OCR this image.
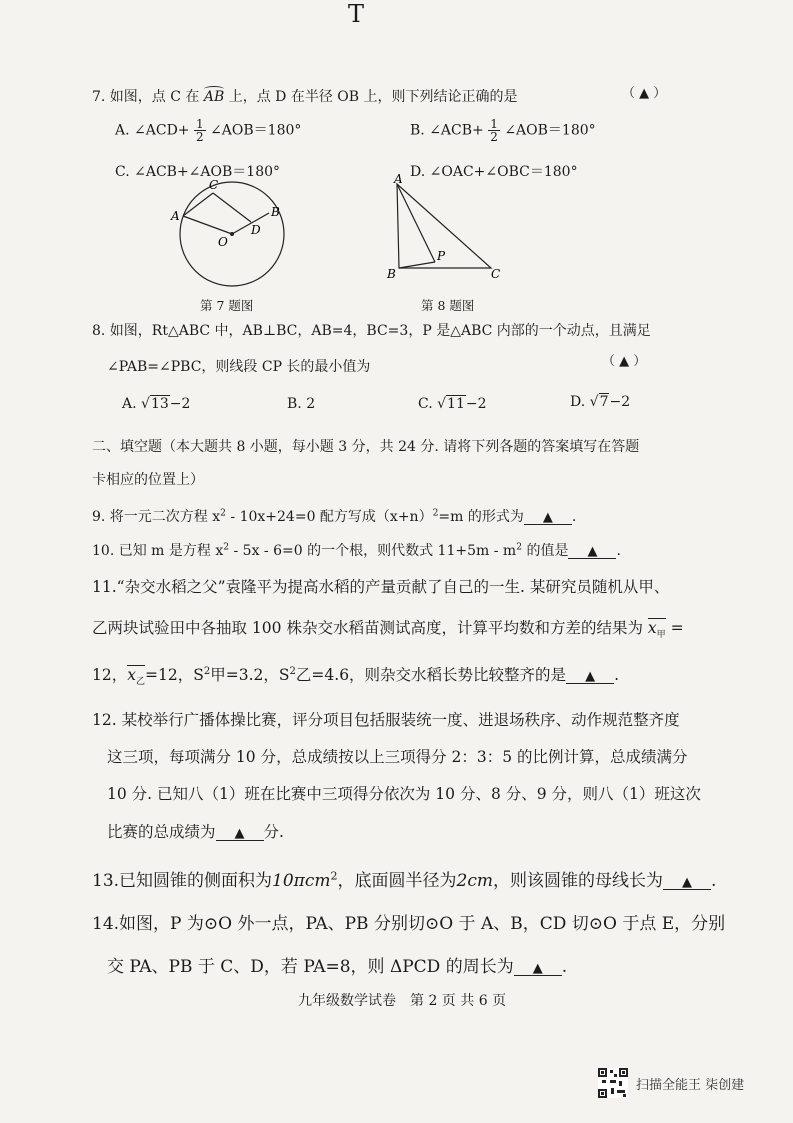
T
7. 如图，点 C 在 AB 上，点 D 在半径 OB 上，则下列结论正确的是	（ ▲ ）
A. ∠ACD+ $\frac{1}{2}$ ∠AOB＝180°	B. ∠ACB+ $\frac{1}{2}$ ∠AOB＝180°
C. ∠ACB+∠AOB＝180°	D. ∠OAC+∠OBC＝180°
C
A	B
D
O
第 7 题图
A
P
B	C
第 8 题图
8. 如图，Rt△ABC 中，AB⊥BC，AB=4，BC=3，P 是△ABC 内部的一个动点，且满足
∠PAB=∠PBC，则线段 CP 长的最小值为	（ ▲ ）
A. √13−2	B. 2	C. √11−2	D. √7−2
二、填空题（本大题共 8 小题，每小题 3 分，共 24 分. 请将下列各题的答案填写在答题
卡相应的位置上）
9. 将一元二次方程 $x^2 - 10x+24=0$ 配方写成$(x+n)^2=m$ 的形式为 ▲ .
10. 已知 m 是方程 $x^2 - 5x - 6=0$ 的一个根，则代数式 $11+5m - m^2$ 的值是 ▲ .
11.“杂交水稻之父”袁隆平为提高水稻的产量贡献了自己的一生. 某研究员随机从甲、
乙两块试验田中各抽取 100 株杂交水稻苗测试高度，计算平均数和方差的结果为 $x_甲$ =
12，$x_乙=12$，$S^2$甲=3.2，$S^2$乙=4.6，则杂交水稻长势比较整齐的是 ▲ .
12. 某校举行广播体操比赛，评分项目包括服装统一度、进退场秩序、动作规范整齐度
这三项，每项满分 10 分，总成绩按以上三项得分 2：3：5 的比例计算，总成绩满分
10 分. 已知八（1）班在比赛中三项得分依次为 10 分、8 分、9 分，则八（1）班这次
比赛的总成绩为 ▲ 分.
13.已知圆锥的侧面积为10πcm$^2$，底面圆半径为2cm，则该圆锥的母线长为 ▲ .
14.如图，P 为⊙O 外一点，PA、PB 分别切⊙O 于 A、B，CD 切⊙O 于点 E，分别
交 PA、PB 于 C、D，若 PA=8，则 ΔPCD 的周长为 ▲ .
九年级数学试卷　第 2 页 共 6 页
扫描全能王 柒创建
